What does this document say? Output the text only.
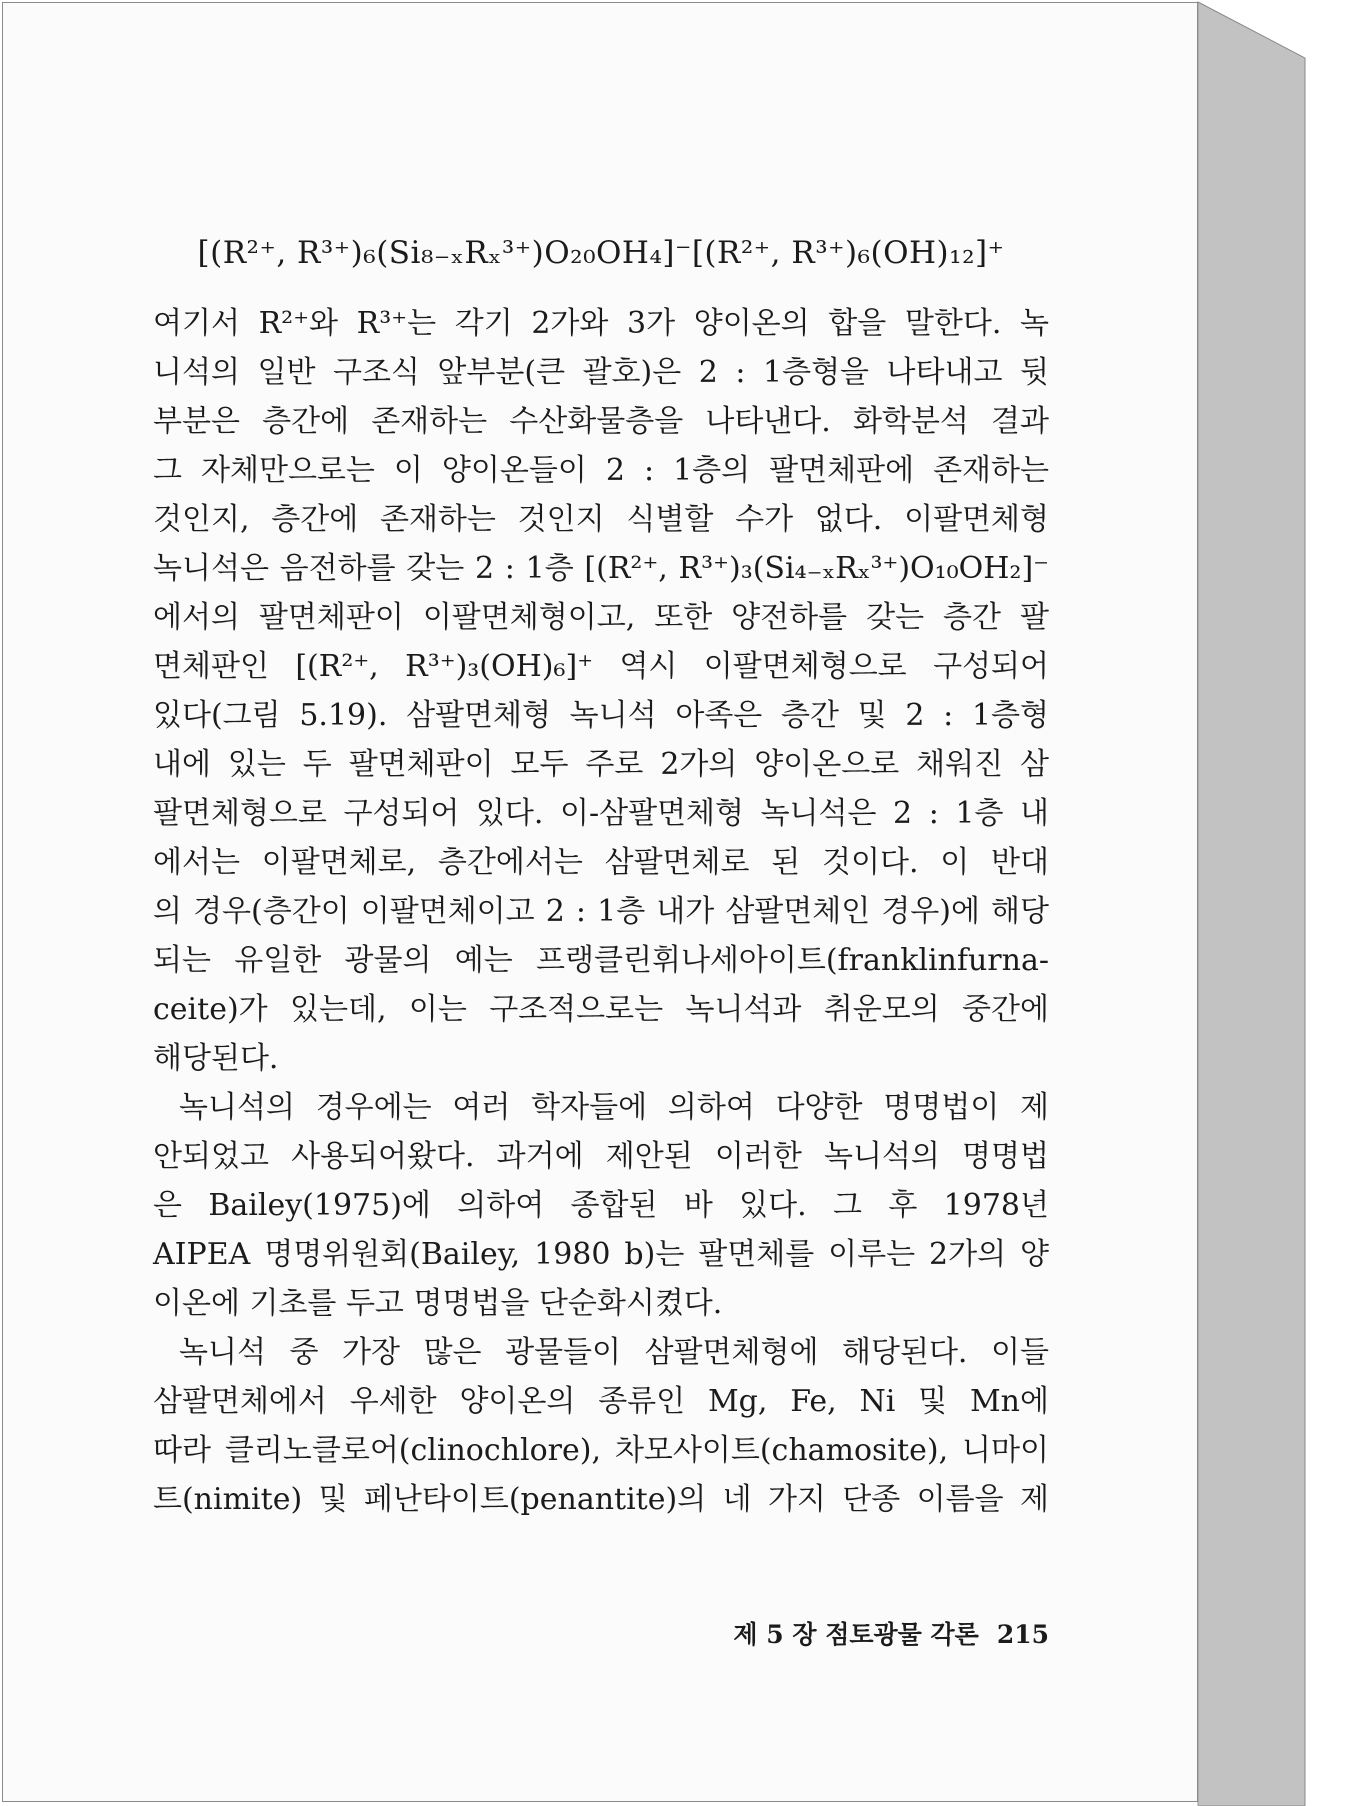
[(R²⁺, R³⁺)₆(Si₈₋ₓRₓ³⁺)O₂₀OH₄]⁻[(R²⁺, R³⁺)₆(OH)₁₂]⁺
여기서 R²⁺와 R³⁺는 각기 2가와 3가 양이온의 합을 말한다. 녹
니석의 일반 구조식 앞부분(큰 괄호)은 2 : 1층형을 나타내고 뒷
부분은 층간에 존재하는 수산화물층을 나타낸다. 화학분석 결과
그 자체만으로는 이 양이온들이 2 : 1층의 팔면체판에 존재하는
것인지, 층간에 존재하는 것인지 식별할 수가 없다. 이팔면체형
녹니석은 음전하를 갖는 2 : 1층 [(R²⁺, R³⁺)₃(Si₄₋ₓRₓ³⁺)O₁₀OH₂]⁻
에서의 팔면체판이 이팔면체형이고, 또한 양전하를 갖는 층간 팔
면체판인 [(R²⁺, R³⁺)₃(OH)₆]⁺ 역시 이팔면체형으로 구성되어
있다(그림 5.19). 삼팔면체형 녹니석 아족은 층간 및 2 : 1층형
내에 있는 두 팔면체판이 모두 주로 2가의 양이온으로 채워진 삼
팔면체형으로 구성되어 있다. 이-삼팔면체형 녹니석은 2 : 1층 내
에서는 이팔면체로, 층간에서는 삼팔면체로 된 것이다. 이 반대
의 경우(층간이 이팔면체이고 2 : 1층 내가 삼팔면체인 경우)에 해당
되는 유일한 광물의 예는 프랭클린휘나세아이트(franklinfurna-
ceite)가 있는데, 이는 구조적으로는 녹니석과 취운모의 중간에
해당된다.
녹니석의 경우에는 여러 학자들에 의하여 다양한 명명법이 제
안되었고 사용되어왔다. 과거에 제안된 이러한 녹니석의 명명법
은 Bailey(1975)에 의하여 종합된 바 있다. 그 후 1978년
AIPEA 명명위원회(Bailey, 1980 b)는 팔면체를 이루는 2가의 양
이온에 기초를 두고 명명법을 단순화시켰다.
녹니석 중 가장 많은 광물들이 삼팔면체형에 해당된다. 이들
삼팔면체에서 우세한 양이온의 종류인 Mg, Fe, Ni 및 Mn에
따라 클리노클로어(clinochlore), 차모사이트(chamosite), 니마이
트(nimite) 및 페난타이트(penantite)의 네 가지 단종 이름을 제
제 5 장 점토광물 각론 215
